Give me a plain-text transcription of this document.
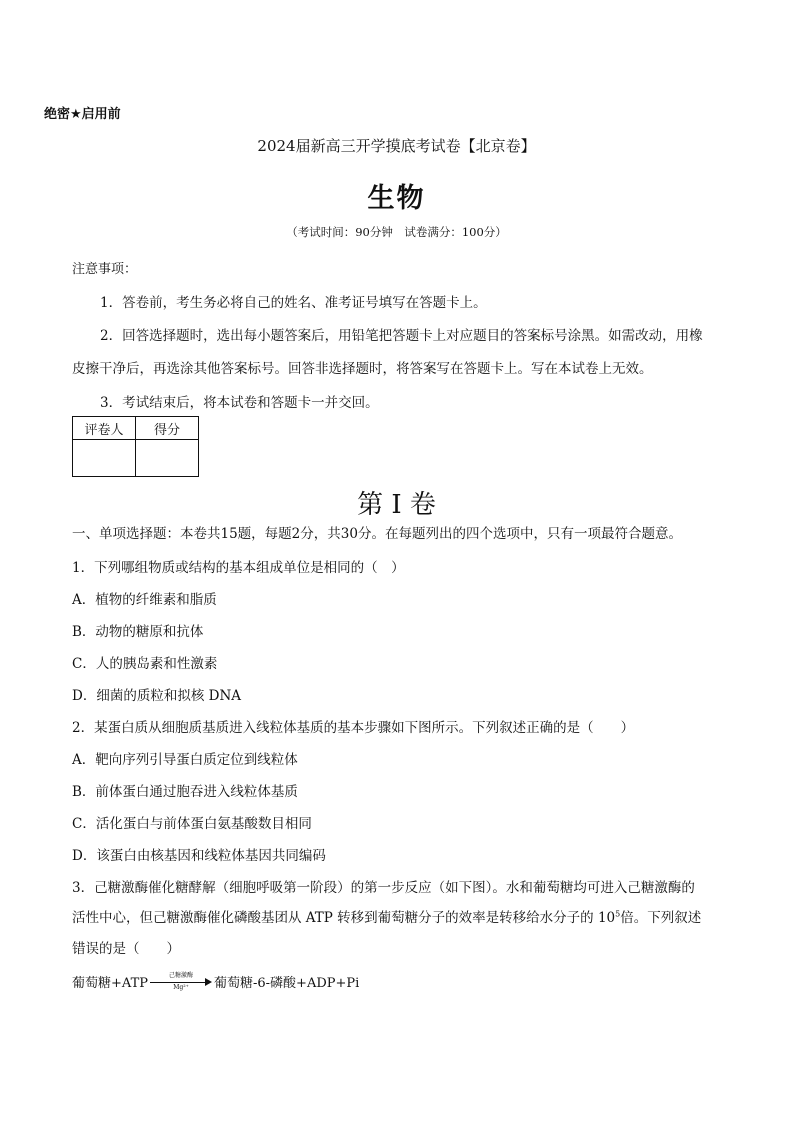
绝密★启用前
2024届新高三开学摸底考试卷【北京卷】
生物
（考试时间：90分钟　试卷满分：100分）
注意事项：
1．答卷前，考生务必将自己的姓名、准考证号填写在答题卡上。
2．回答选择题时，选出每小题答案后，用铅笔把答题卡上对应题目的答案标号涂黑。如需改动，用橡
皮擦干净后，再选涂其他答案标号。回答非选择题时，将答案写在答题卡上。写在本试卷上无效。
3．考试结束后，将本试卷和答题卡一并交回。
评卷人	得分

第 I 卷
一、单项选择题：本卷共15题，每题2分，共30分。在每题列出的四个选项中，只有一项最符合题意。
1．下列哪组物质或结构的基本组成单位是相同的（　）
A．植物的纤维素和脂质
B．动物的糖原和抗体
C．人的胰岛素和性激素
D．细菌的质粒和拟核 DNA
2．某蛋白质从细胞质基质进入线粒体基质的基本步骤如下图所示。下列叙述正确的是（　　）
A．靶向序列引导蛋白质定位到线粒体
B．前体蛋白通过胞吞进入线粒体基质
C．活化蛋白与前体蛋白氨基酸数目相同
D．该蛋白由核基因和线粒体基因共同编码
3．己糖激酶催化糖酵解（细胞呼吸第一阶段）的第一步反应（如下图）。水和葡萄糖均可进入己糖激酶的
活性中心，但己糖激酶催化磷酸基团从 ATP 转移到葡萄糖分子的效率是转移给水分子的 $10^5$倍。下列叙述
错误的是（　　）
葡萄糖+ATP
己糖激酶
Mg²⁺	葡萄糖-6-磷酸+ADP+Pi
